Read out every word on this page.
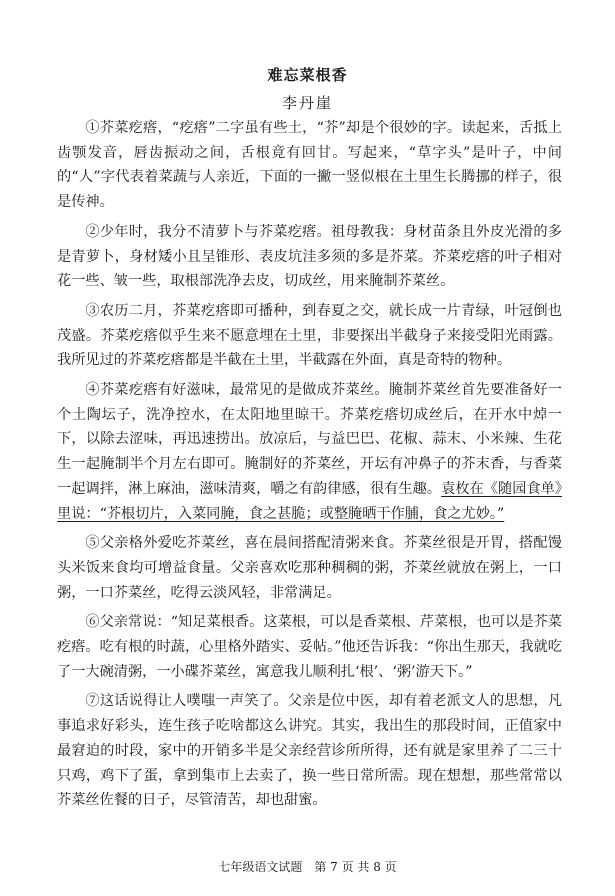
难忘菜根香
李丹崖

①芥菜疙瘩，“疙瘩”二字虽有些土，“芥”却是个很妙的字。读起来，舌抵上齿颚发音，唇齿振动之间，舌根竟有回甘。写起来，“草字头”是叶子，中间的“人”字代表着菜蔬与人亲近，下面的一撇一竖似根在土里生长腾挪的样子，很是传神。

②少年时，我分不清萝卜与芥菜疙瘩。祖母教我：身材苗条且外皮光滑的多是青萝卜，身材矮小且呈锥形、表皮坑洼多须的多是芥菜。芥菜疙瘩的叶子相对花一些、皱一些，取根部洗净去皮，切成丝，用来腌制芥菜丝。

③农历二月，芥菜疙瘩即可播种，到春夏之交，就长成一片青绿，叶冠倒也茂盛。芥菜疙瘩似乎生来不愿意埋在土里，非要探出半截身子来接受阳光雨露。我所见过的芥菜疙瘩都是半截在土里，半截露在外面，真是奇特的物种。

④芥菜疙瘩有好滋味，最常见的是做成芥菜丝。腌制芥菜丝首先要准备好一个土陶坛子，洗净控水，在太阳地里晾干。芥菜疙瘩切成丝后，在开水中焯一下，以除去涩味，再迅速捞出。放凉后，与益巴巴、花椒、蒜末、小米辣、生花生一起腌制半个月左右即可。腌制好的芥菜丝，开坛有冲鼻子的芥末香，与香菜一起调拌，淋上麻油，滋味清爽，嚼之有韵律感，很有生趣。袁枚在《随园食单》里说：“芥根切片，入菜同腌，食之甚脆；或整腌晒干作脯，食之尤妙。”

⑤父亲格外爱吃芥菜丝，喜在晨间搭配清粥来食。芥菜丝很是开胃，搭配馒头米饭来食均可增益食量。父亲喜欢吃那种稠稠的粥，芥菜丝就放在粥上，一口粥，一口芥菜丝，吃得云淡风轻，非常满足。

⑥父亲常说：“知足菜根香。这菜根，可以是香菜根、芹菜根，也可以是芥菜疙瘩。吃有根的时蔬，心里格外踏实、妥帖。”他还告诉我：“你出生那天，我就吃了一大碗清粥，一小碟芥菜丝，寓意我儿顺利扎‘根’、‘粥’游天下。”

⑦这话说得让人噗嗤一声笑了。父亲是位中医，却有着老派文人的思想，凡事追求好彩头，连生孩子吃啥都这么讲究。其实，我出生的那段时间，正值家中最窘迫的时段，家中的开销多半是父亲经营诊所所得，还有就是家里养了二三十只鸡，鸡下了蛋，拿到集市上去卖了，换一些日常所需。现在想想，那些常常以芥菜丝佐餐的日子，尽管清苦，却也甜蜜。

七年级语文试题　第 7 页 共 8 页
